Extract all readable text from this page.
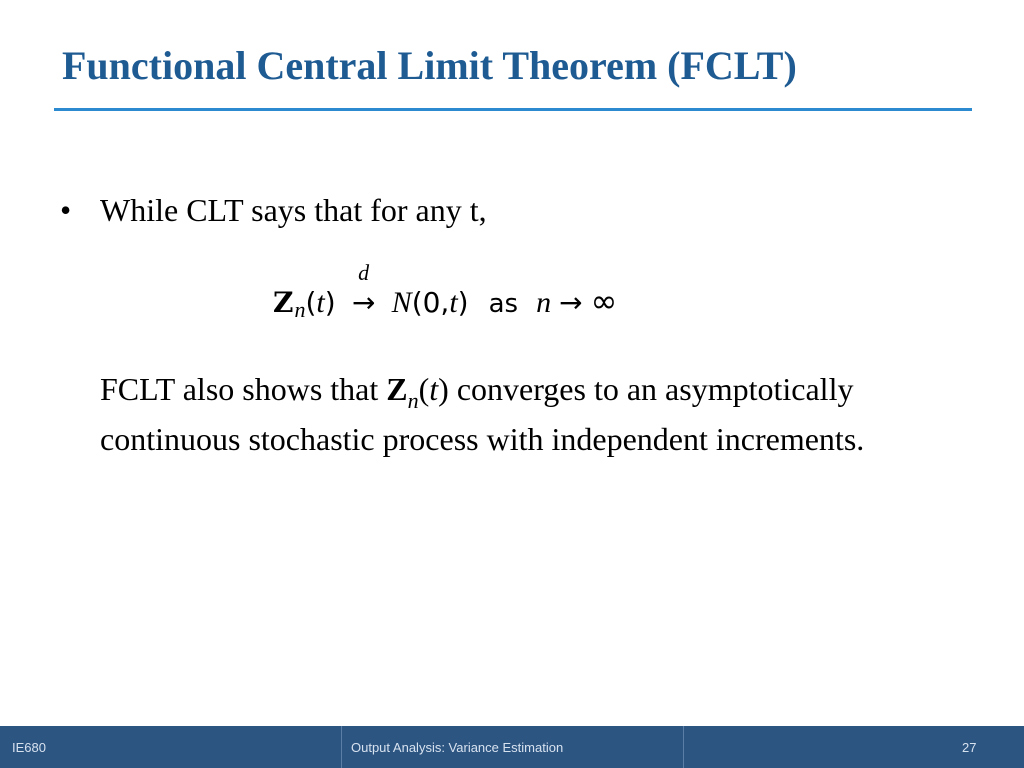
Functional Central Limit Theorem (FCLT)
• While CLT says that for any t,
Zn(t)
d
→ N(0,t) as n → ∞
FCLT also shows that $Z_n(t)$ converges to an asymptotically continuous stochastic process with independent increments.
IE680	Output Analysis: Variance Estimation	27
